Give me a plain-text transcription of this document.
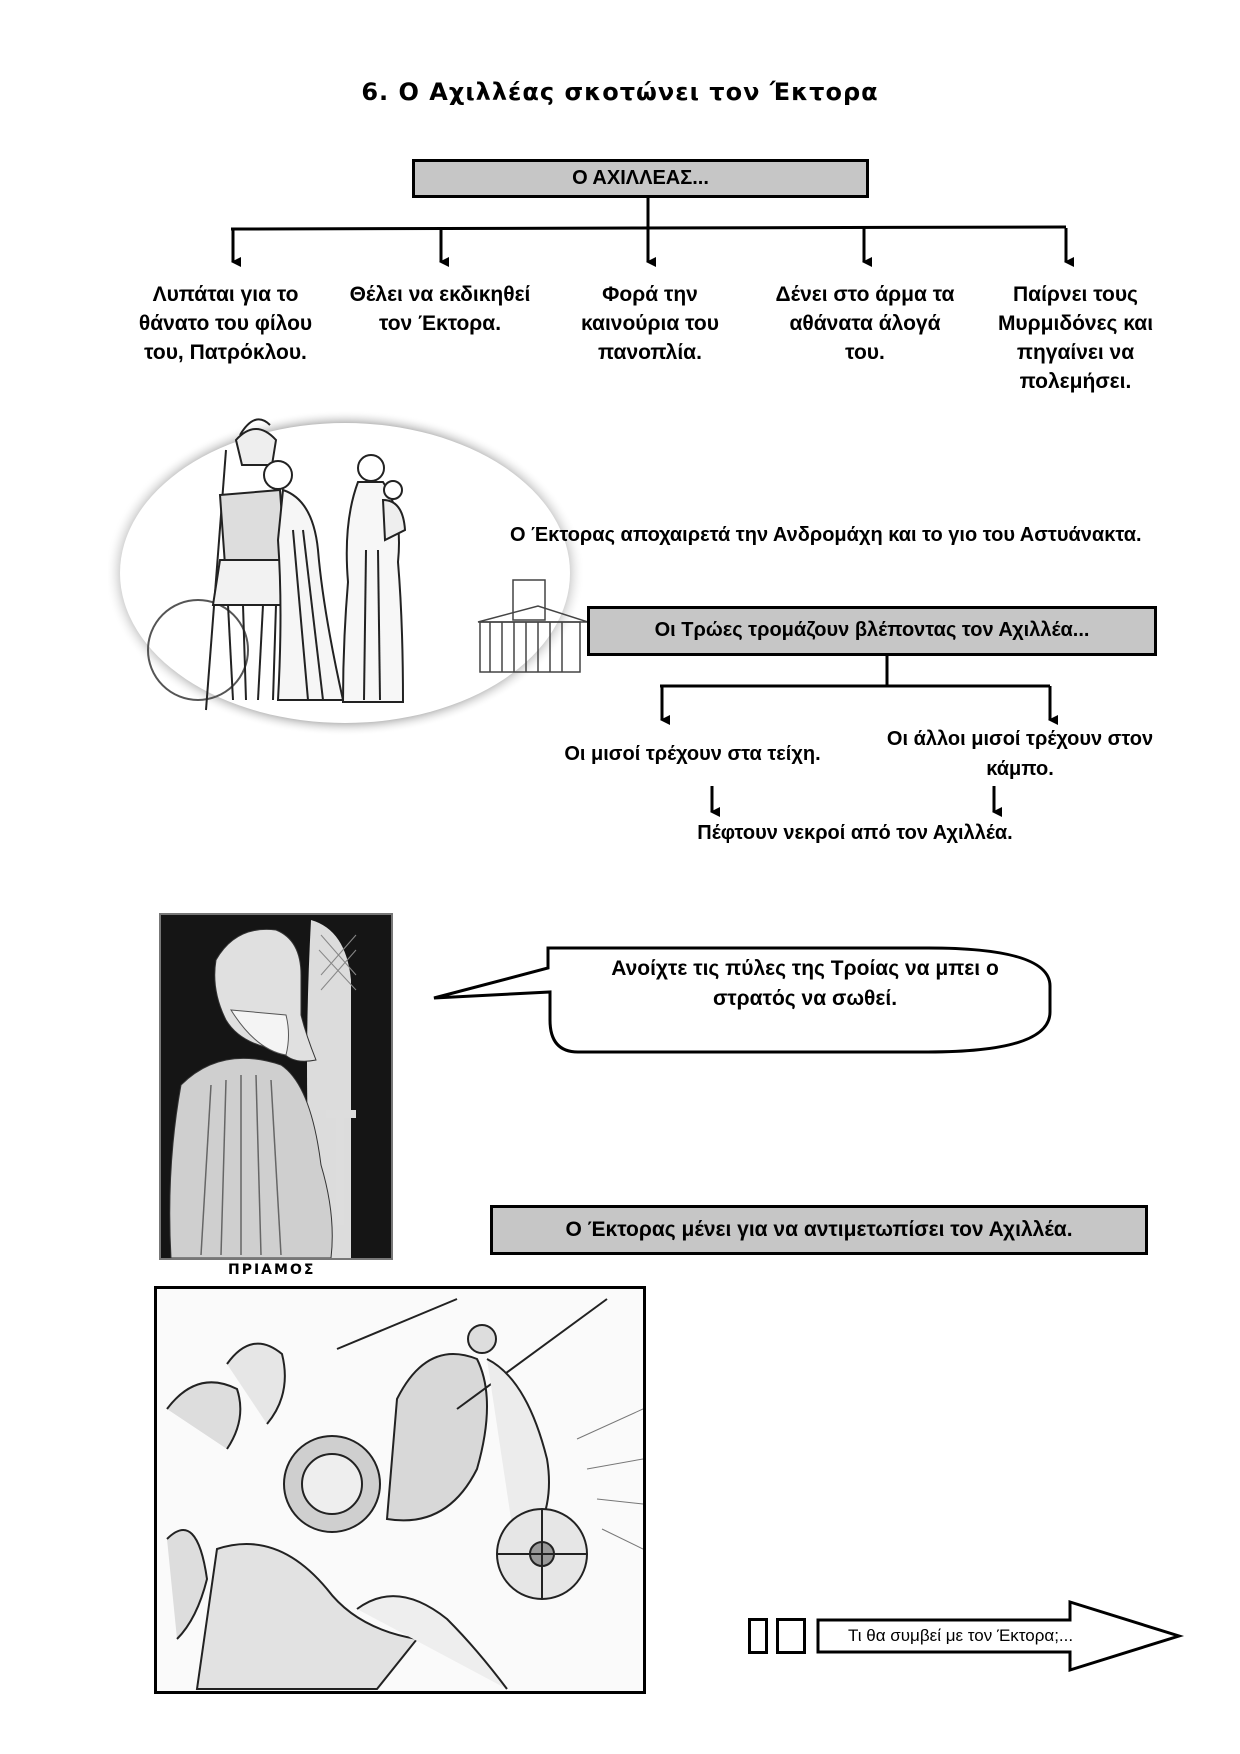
6. Ο Αχιλλέας σκοτώνει τον Έκτορα
Ο ΑΧΙΛΛΕΑΣ...
Λυπάται για το θάνατο του φίλου του, Πατρόκλου.
Θέλει να εκδικηθεί τον Έκτορα.
Φορά την καινούρια του πανοπλία.
Δένει στο άρμα τα αθάνατα άλογά του.
Παίρνει τους Μυρμιδόνες και πηγαίνει να πολεμήσει.
Ο Έκτορας αποχαιρετά την Ανδρομάχη και το γιο του Αστυάνακτα.
Οι Τρώες τρομάζουν βλέποντας τον Αχιλλέα...
Οι μισοί τρέχουν στα τείχη.
Οι άλλοι μισοί τρέχουν στον κάμπο.
Πέφτουν νεκροί από τον Αχιλλέα.
ΠΡΙΑΜΟΣ
Ανοίχτε τις πύλες της Τροίας να μπει ο στρατός να σωθεί.
Ο Έκτορας μένει για να αντιμετωπίσει τον Αχιλλέα.
Τι θα συμβεί με τον Έκτορα;...
